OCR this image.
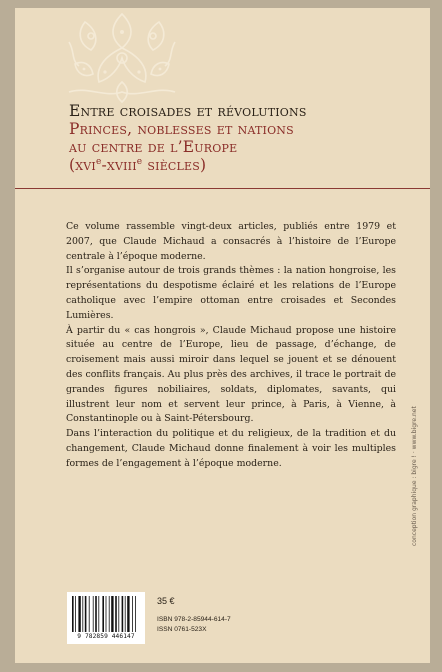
Entre croisades et révolutions
Princes, noblesses et nations
au centre de l’Europe
(xvi$^e$-xviii$^e$ siècles)

Ce volume rassemble vingt-deux articles, publiés entre 1979 et 2007, que Claude Michaud a consacrés à l’histoire de l’Europe centrale à l’époque moderne.

Il s’organise autour de trois grands thèmes : la nation hongroise, les représentations du despotisme éclairé et les relations de l’Europe catholique avec l’empire ottoman entre croisades et Secondes Lumières.

À partir du « cas hongrois », Claude Michaud propose une histoire située au centre de l’Europe, lieu de passage, d’échange, de croisement mais aussi miroir dans lequel se jouent et se dénouent des conflits français. Au plus près des archives, il trace le portrait de grandes figures nobiliaires, soldats, diplomates, savants, qui illustrent leur nom et servent leur prince, à Paris, à Vienne, à Constantinople ou à Saint-Pétersbourg.

Dans l’interaction du politique et du religieux, de la tradition et du changement, Claude Michaud donne finalement à voir les multiples formes de l’engagement à l’époque moderne.	conception graphique : bigre ! · www.bigre.net
9 782859 446147
35 €
ISBN 978-2-85944-614-7
ISSN 0761-523X
